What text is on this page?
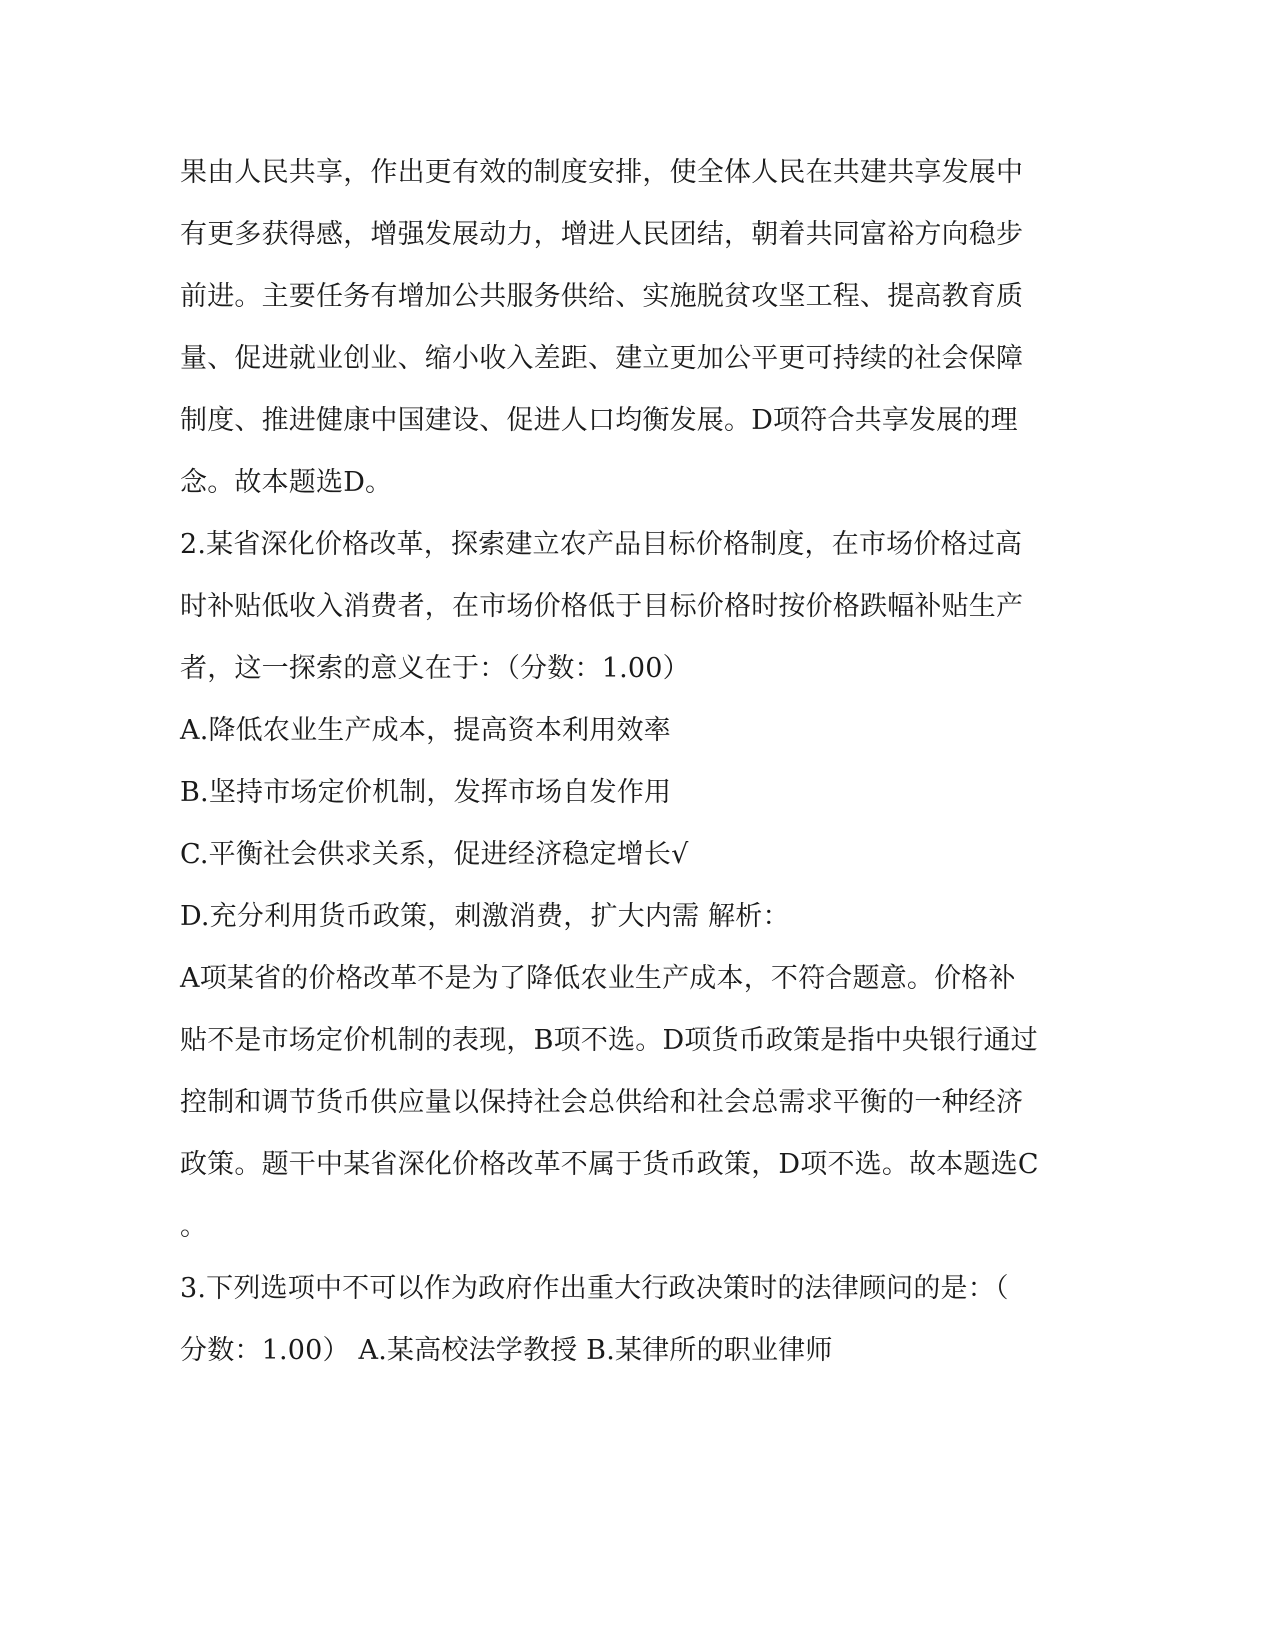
果由人民共享，作出更有效的制度安排，使全体人民在共建共享发展中
有更多获得感，增强发展动力，增进人民团结，朝着共同富裕方向稳步
前进。主要任务有增加公共服务供给、实施脱贫攻坚工程、提高教育质
量、促进就业创业、缩小收入差距、建立更加公平更可持续的社会保障
制度、推进健康中国建设、促进人口均衡发展。D项符合共享发展的理
念。故本题选D。
2.某省深化价格改革，探索建立农产品目标价格制度，在市场价格过高
时补贴低收入消费者，在市场价格低于目标价格时按价格跌幅补贴生产
者，这一探索的意义在于：（分数：1.00）
A.降低农业生产成本，提高资本利用效率
B.坚持市场定价机制，发挥市场自发作用
C.平衡社会供求关系，促进经济稳定增长√
D.充分利用货币政策，刺激消费，扩大内需 解析：
A项某省的价格改革不是为了降低农业生产成本，不符合题意。价格补
贴不是市场定价机制的表现，B项不选。D项货币政策是指中央银行通过
控制和调节货币供应量以保持社会总供给和社会总需求平衡的一种经济
政策。题干中某省深化价格改革不属于货币政策，D项不选。故本题选C
。
3.下列选项中不可以作为政府作出重大行政决策时的法律顾问的是：（
分数：1.00） A.某高校法学教授 B.某律所的职业律师
